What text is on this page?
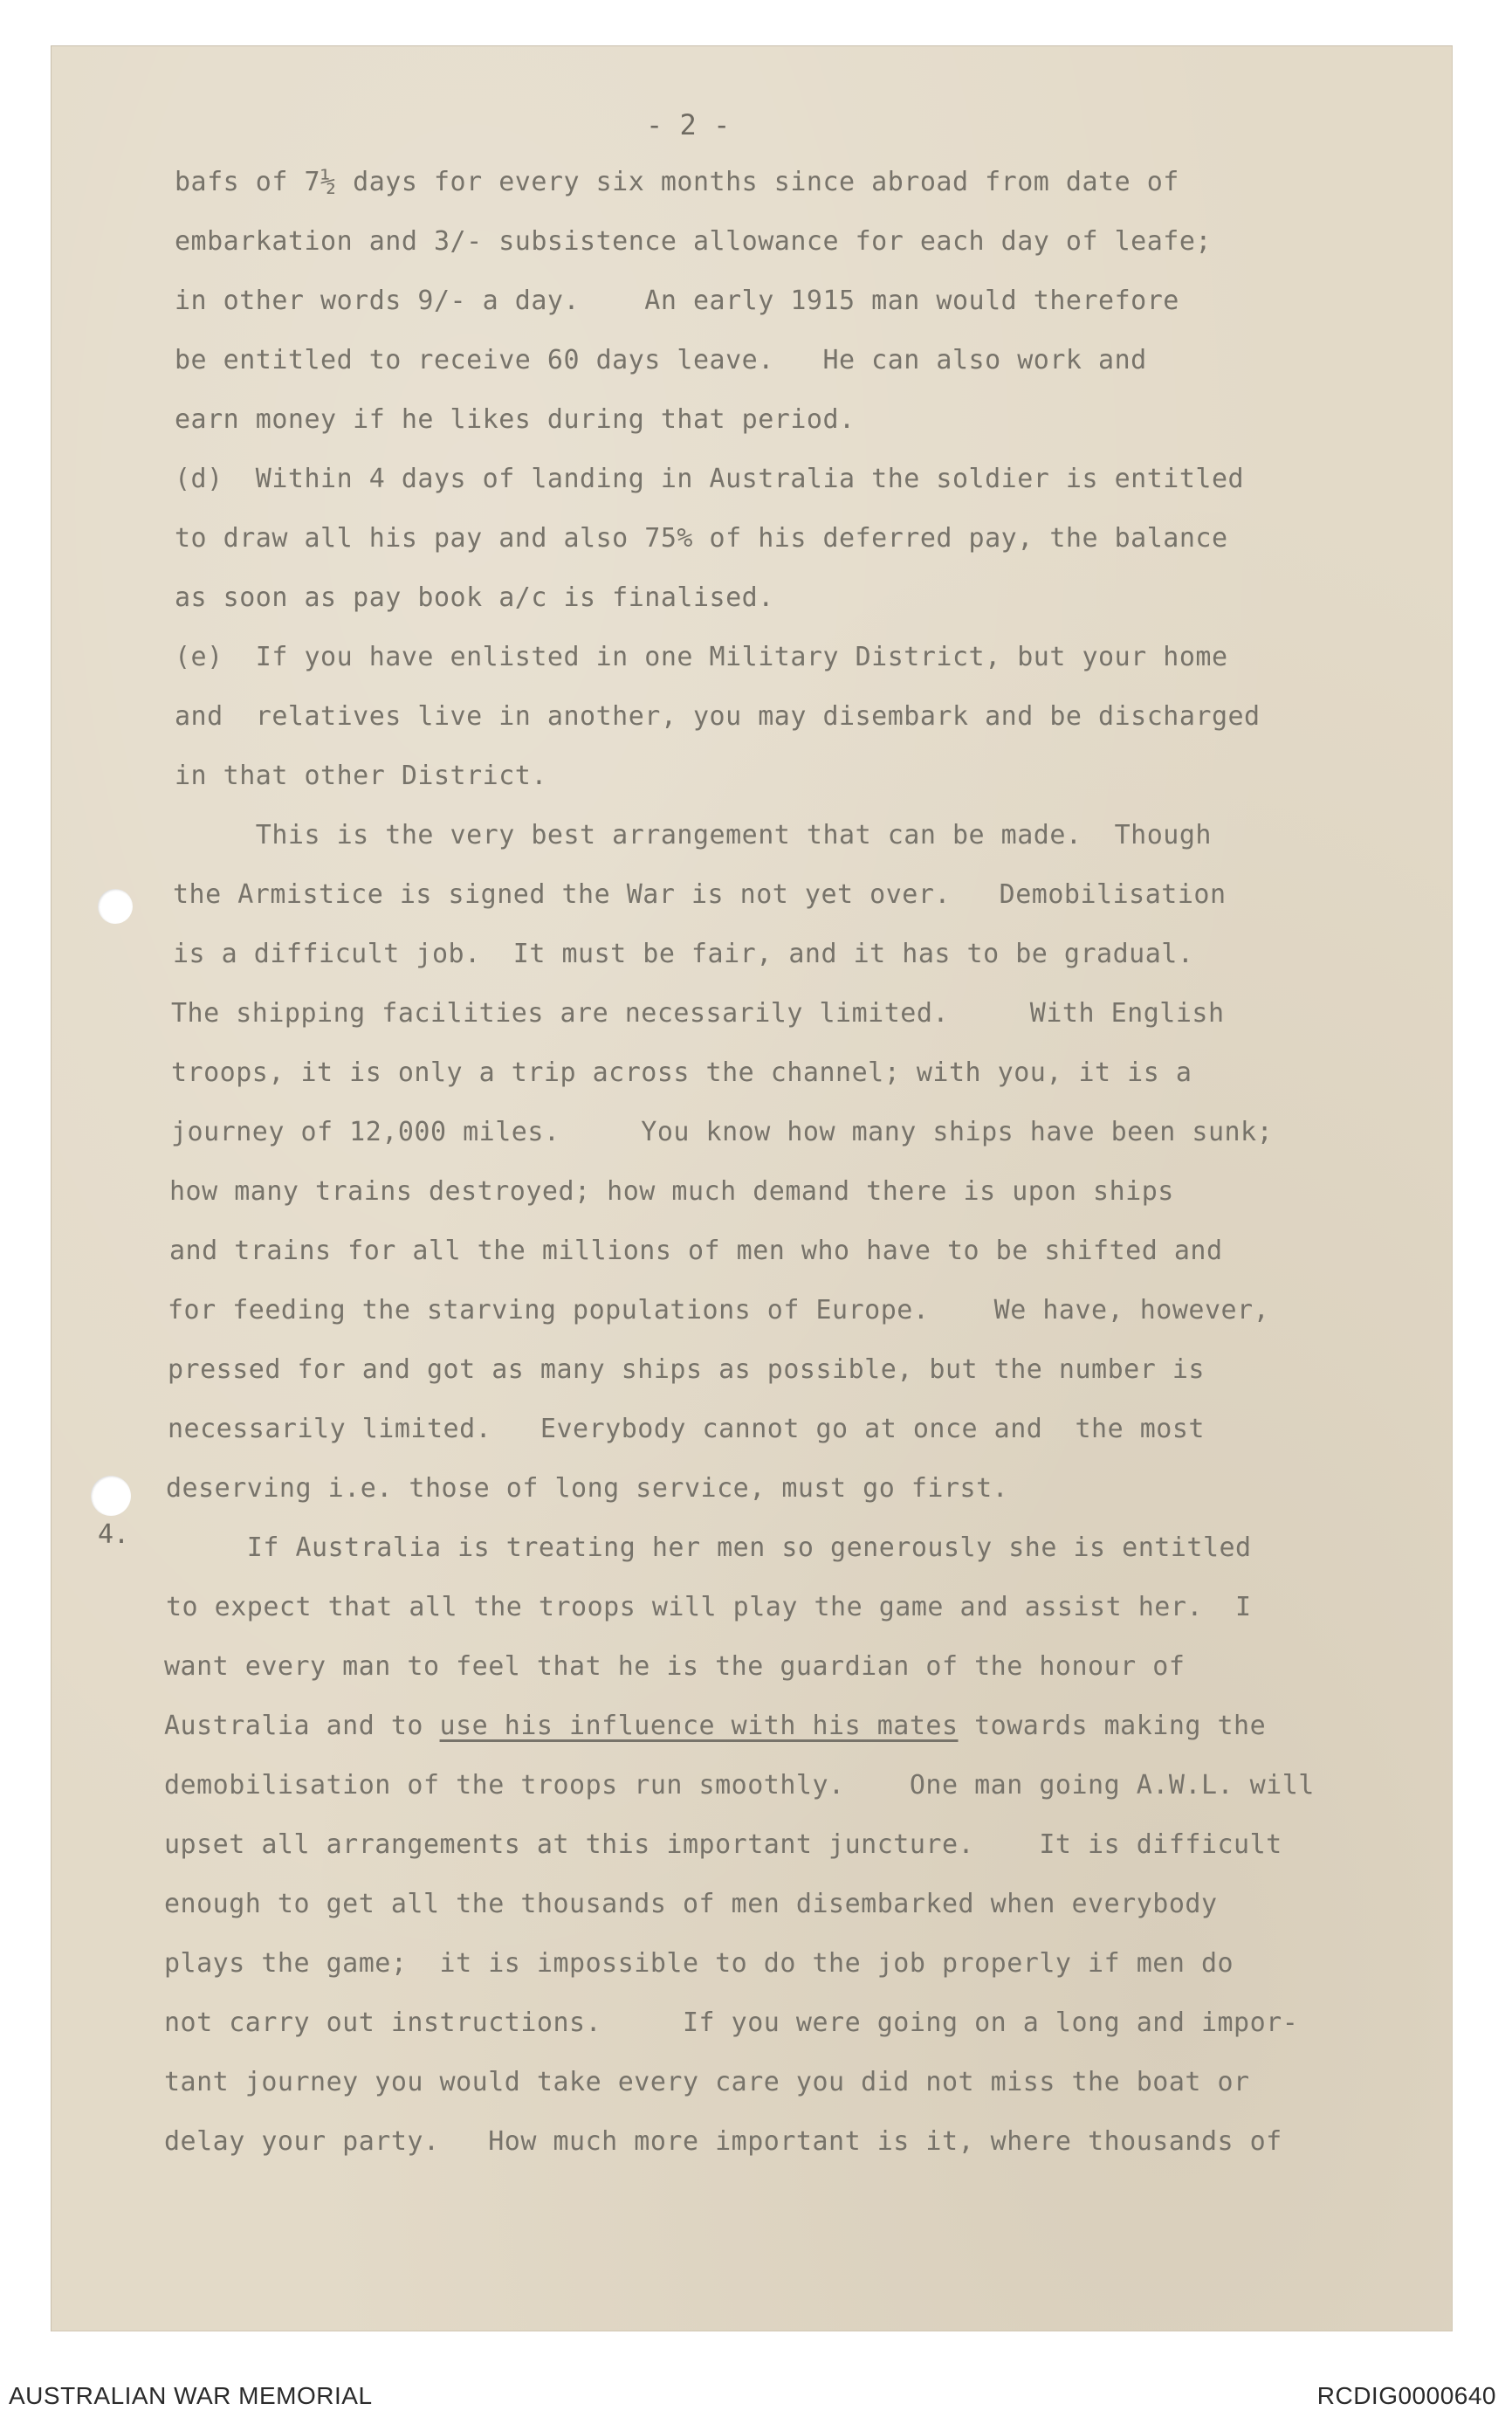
- 2 -
4.
bafs of 7½ days for every six months since abroad from date of
embarkation and 3/- subsistence allowance for each day of leafe;
in other words 9/- a day.    An early 1915 man would therefore
be entitled to receive 60 days leave.   He can also work and
earn money if he likes during that period.
(d)  Within 4 days of landing in Australia the soldier is entitled
to draw all his pay and also 75% of his deferred pay, the balance
as soon as pay book a/c is finalised.
(e)  If you have enlisted in one Military District, but your home
and  relatives live in another, you may disembark and be discharged
in that other District.
This is the very best arrangement that can be made.  Though
the Armistice is signed the War is not yet over.   Demobilisation
is a difficult job.  It must be fair, and it has to be gradual.
The shipping facilities are necessarily limited.     With English
troops, it is only a trip across the channel; with you, it is a
journey of 12,000 miles.     You know how many ships have been sunk;
how many trains destroyed; how much demand there is upon ships
and trains for all the millions of men who have to be shifted and
for feeding the starving populations of Europe.    We have, however,
pressed for and got as many ships as possible, but the number is
necessarily limited.   Everybody cannot go at once and  the most
deserving i.e. those of long service, must go first.
If Australia is treating her men so generously she is entitled
to expect that all the troops will play the game and assist her.  I
want every man to feel that he is the guardian of the honour of
Australia and to use his influence with his mates towards making the
demobilisation of the troops run smoothly.    One man going A.W.L. will
upset all arrangements at this important juncture.    It is difficult
enough to get all the thousands of men disembarked when everybody
plays the game;  it is impossible to do the job properly if men do
not carry out instructions.     If you were going on a long and impor-
tant journey you would take every care you did not miss the boat or
delay your party.   How much more important is it, where thousands of
AUSTRALIAN WAR MEMORIAL	RCDIG0000640
